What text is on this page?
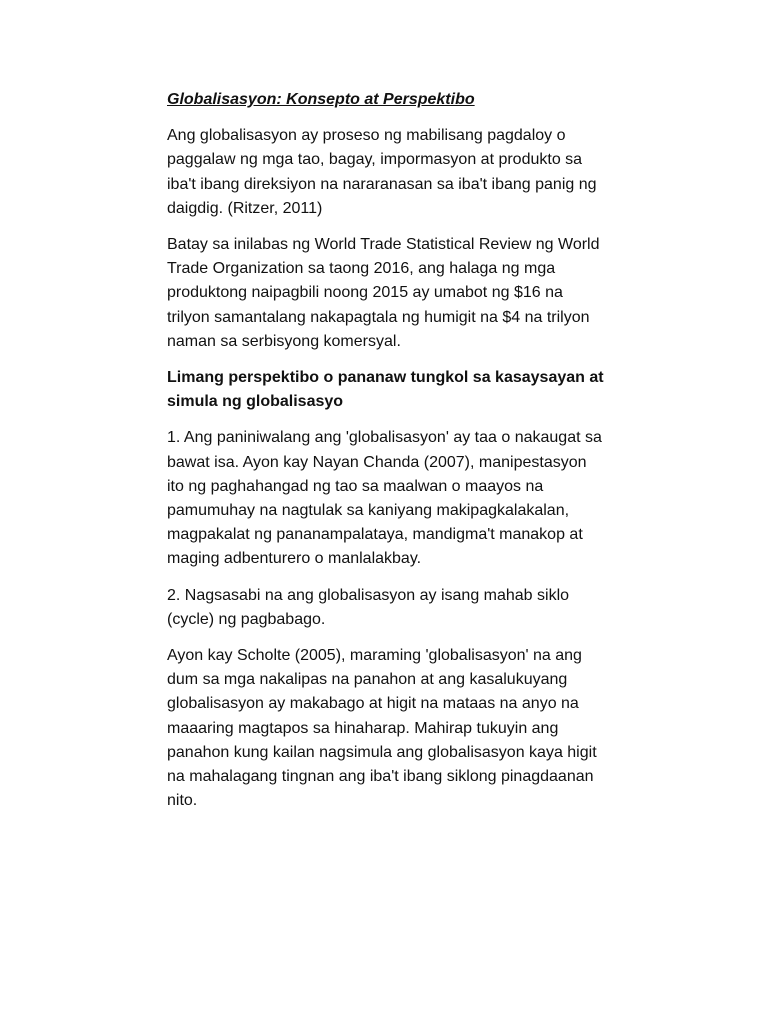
Globalisasyon: Konsepto at Perspektibo

Ang globalisasyon ay proseso ng mabilisang pagdaloy o paggalaw ng mga tao, bagay, impormasyon at produkto sa iba't ibang direksiyon na nararanasan sa iba't ibang panig ng daigdig. (Ritzer, 2011)

Batay sa inilabas ng World Trade Statistical Review ng World Trade Organization sa taong 2016, ang halaga ng mga produktong naipagbili noong 2015 ay umabot ng $16 na trilyon samantalang nakapagtala ng humigit na $4 na trilyon naman sa serbisyong komersyal.

Limang perspektibo o pananaw tungkol sa kasaysayan at simula ng globalisasyo

1. Ang paniniwalang ang 'globalisasyon' ay taa o nakaugat sa bawat isa. Ayon kay Nayan Chanda (2007), manipestasyon ito ng paghahangad ng tao sa maalwan o maayos na pamumuhay na nagtulak sa kaniyang makipagkalakalan, magpakalat ng pananampalataya, mandigma't manakop at maging adbenturero o manlalakbay.

2. Nagsasabi na ang globalisasyon ay isang mahab siklo (cycle) ng pagbabago.

Ayon kay Scholte (2005), maraming 'globalisasyon' na ang dum sa mga nakalipas na panahon at ang kasalukuyang globalisasyon ay makabago at higit na mataas na anyo na maaaring magtapos sa hinaharap. Mahirap tukuyin ang panahon kung kailan nagsimula ang globalisasyon kaya higit na mahalagang tingnan ang iba't ibang siklong pinagdaanan nito.
